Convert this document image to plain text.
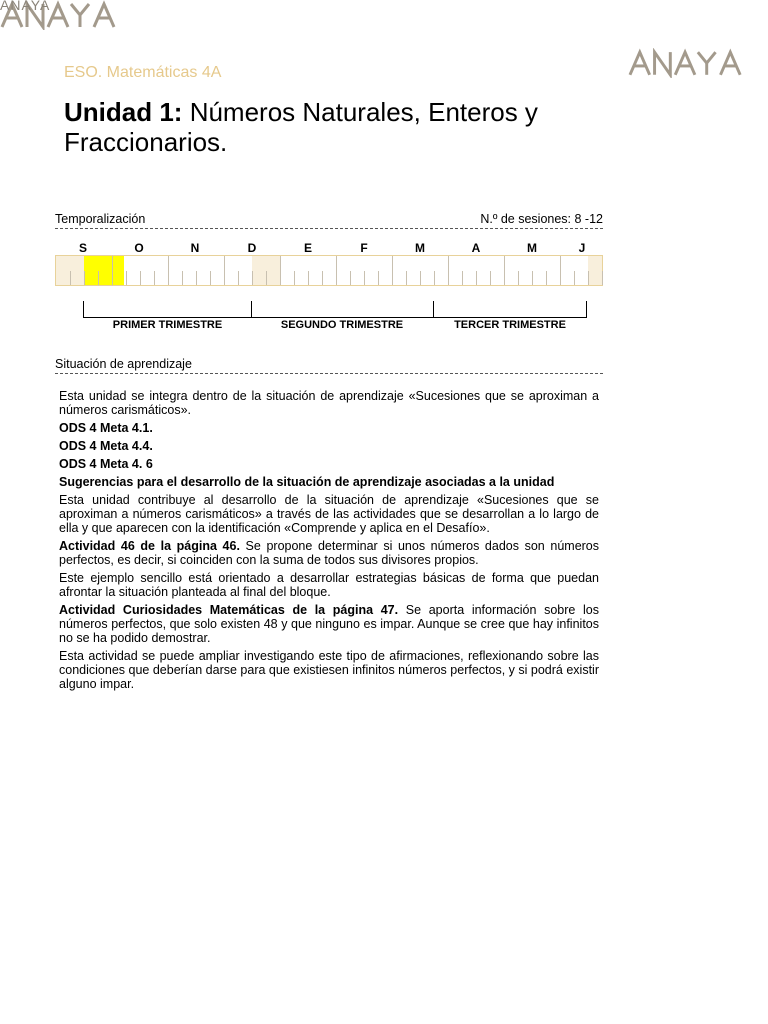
ANAYA
ESO. Matemáticas 4A
Unidad 1: Números Naturales, Enteros y Fraccionarios.
Temporalización	N.º de sesiones: 8 -12
S	O	N	D	E	F	M	A	M	J
PRIMER TRIMESTRE	SEGUNDO TRIMESTRE	TERCER TRIMESTRE
Situación de aprendizaje

Esta unidad se integra dentro de la situación de aprendizaje «Sucesiones que se aproximan a números carismáticos».

ODS 4 Meta 4.1.

ODS 4 Meta 4.4.

ODS 4 Meta 4. 6

Sugerencias para el desarrollo de la situación de aprendizaje asociadas a la unidad

Esta unidad contribuye al desarrollo de la situación de aprendizaje «Sucesiones que se aproximan a números carismáticos» a través de las actividades que se desarrollan a lo largo de ella y que aparecen con la identificación «Comprende y aplica en el Desafío».

Actividad 46 de la página 46. Se propone determinar si unos números dados son números perfectos, es decir, si coinciden con la suma de todos sus divisores propios.

Este ejemplo sencillo está orientado a desarrollar estrategias básicas de forma que puedan afrontar la situación planteada al final del bloque.

Actividad Curiosidades Matemáticas de la página 47. Se aporta información sobre los números perfectos, que solo existen 48 y que ninguno es impar. Aunque se cree que hay infinitos no se ha podido demostrar.

Esta actividad se puede ampliar investigando este tipo de afirmaciones, reflexionando sobre las condiciones que deberían darse para que existiesen infinitos números perfectos, y si podrá existir alguno impar.
